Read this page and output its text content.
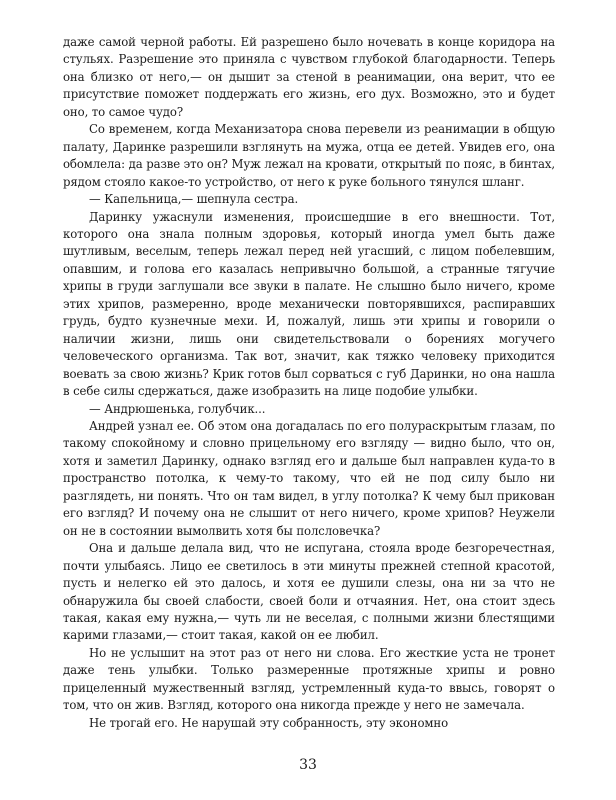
даже самой черной работы. Ей разрешено было ночевать в конце коридора на стульях. Разрешение это приняла с чувством глубокой благодарности. Теперь она близко от него,— он дышит за стеной в реанимации, она верит, что ее присутствие поможет поддержать его жизнь, его дух. Возможно, это и будет оно, то самое чудо?

Со временем, когда Механизатора снова перевели из реанимации в общую палату, Даринке разрешили взглянуть на мужа, отца ее детей. Увидев его, она обомлела: да разве это он? Муж лежал на кровати, открытый по пояс, в бинтах, рядом стояло какое-то устройство, от него к руке больного тянулся шланг.

— Капельница,— шепнула сестра.

Даринку ужаснули изменения, происшедшие в его внешности. Тот, которого она знала полным здоровья, который иногда умел быть даже шутливым, веселым, теперь лежал перед ней угасший, с лицом побелевшим, опавшим, и голова его казалась непривычно большой, а странные тягучие хрипы в груди заглушали все звуки в палате. Не слышно было ничего, кроме этих хрипов, размеренно, вроде механически повторявшихся, распиравших грудь, будто кузнечные мехи. И, пожалуй, лишь эти хрипы и говорили о наличии жизни, лишь они свидетельствовали о борениях могучего человеческого организма. Так вот, значит, как тяжко человеку приходится воевать за свою жизнь? Крик готов был сорваться с губ Даринки, но она нашла в себе силы сдержаться, даже изобразить на лице подобие улыбки.

— Андрюшенька, голубчик...

Андрей узнал ее. Об этом она догадалась по его полураскрытым глазам, по такому спокойному и словно прицельному его взгляду — видно было, что он, хотя и заметил Даринку, однако взгляд его и дальше был направлен куда-то в пространство потолка, к чему-то такому, что ей не под силу было ни разглядеть, ни понять. Что он там видел, в углу потолка? К чему был прикован его взгляд? И почему она не слышит от него ничего, кроме хрипов? Неужели он не в состоянии вымолвить хотя бы полсловечка?

Она и дальше делала вид, что не испугана, стояла вроде безгоречестная, почти улыбаясь. Лицо ее светилось в эти минуты прежней степной красотой, пусть и нелегко ей это далось, и хотя ее душили слезы, она ни за что не обнаружила бы своей слабости, своей боли и отчаяния. Нет, она стоит здесь такая, какая ему нужна,— чуть ли не веселая, с полными жизни блестящими карими глазами,— стоит такая, какой он ее любил.

Но не услышит на этот раз от него ни слова. Его жесткие уста не тронет даже тень улыбки. Только размеренные протяжные хрипы и ровно прицеленный мужественный взгляд, устремленный куда-то ввысь, говорят о том, что он жив. Взгляд, которого она никогда прежде у него не замечала.

Не трогай его. Не нарушай эту собранность, эту экономно

33
